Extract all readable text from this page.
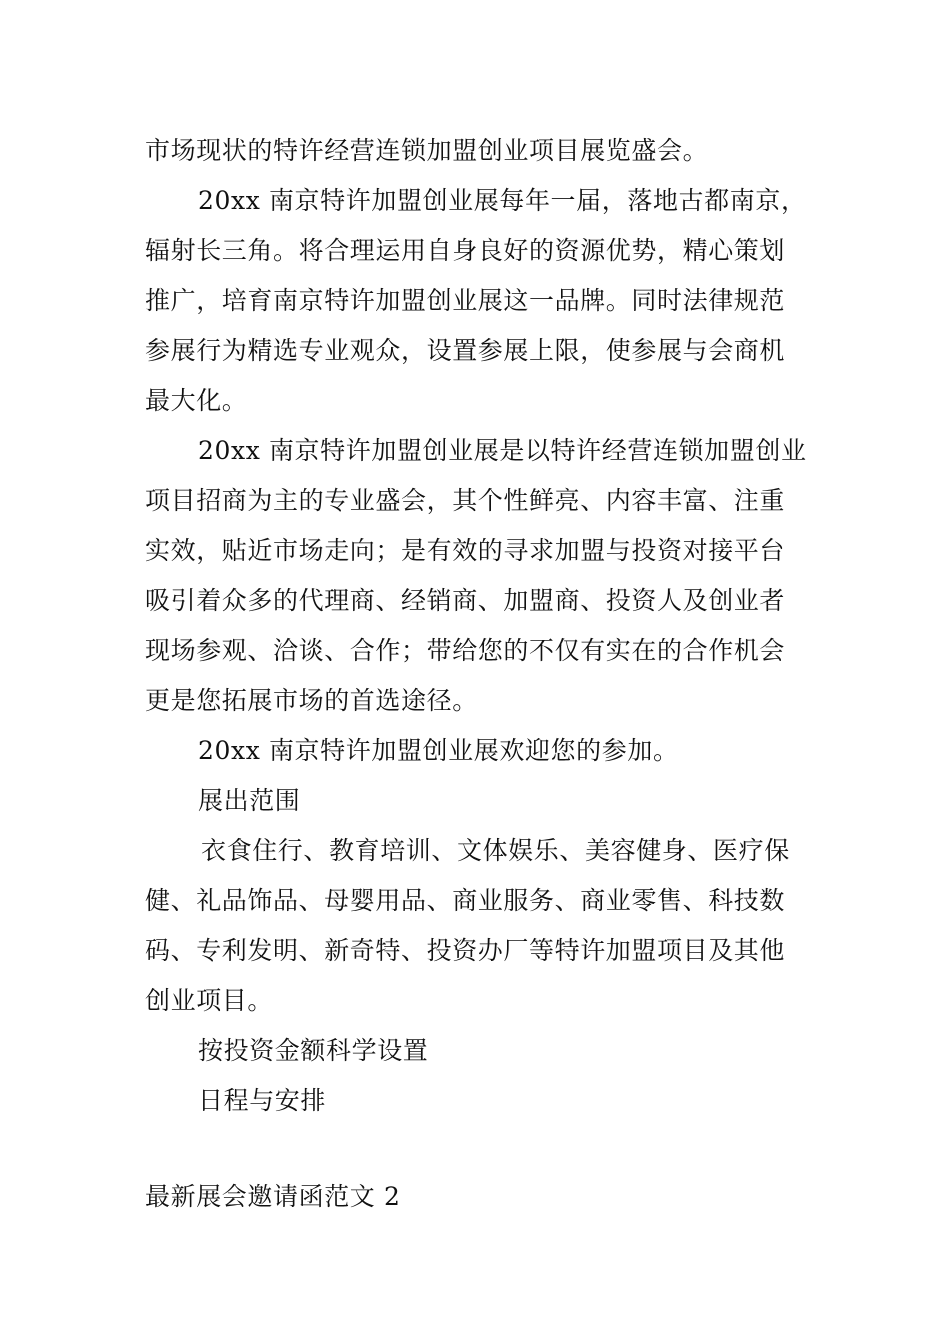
市场现状的特许经营连锁加盟创业项目展览盛会。
20xx 南京特许加盟创业展每年一届，落地古都南京，
辐射长三角。将合理运用自身良好的资源优势，精心策划
推广，培育南京特许加盟创业展这一品牌。同时法律规范
参展行为精选专业观众，设置参展上限，使参展与会商机
最大化。
20xx 南京特许加盟创业展是以特许经营连锁加盟创业
项目招商为主的专业盛会，其个性鲜亮、内容丰富、注重
实效，贴近市场走向；是有效的寻求加盟与投资对接平台
吸引着众多的代理商、经销商、加盟商、投资人及创业者
现场参观、洽谈、合作；带给您的不仅有实在的合作机会
更是您拓展市场的首选途径。
20xx 南京特许加盟创业展欢迎您的参加。
展出范围
衣食住行、教育培训、文体娱乐、美容健身、医疗保
健、礼品饰品、母婴用品、商业服务、商业零售、科技数
码、专利发明、新奇特、投资办厂等特许加盟项目及其他
创业项目。
按投资金额科学设置
日程与安排
最新展会邀请函范文 2
